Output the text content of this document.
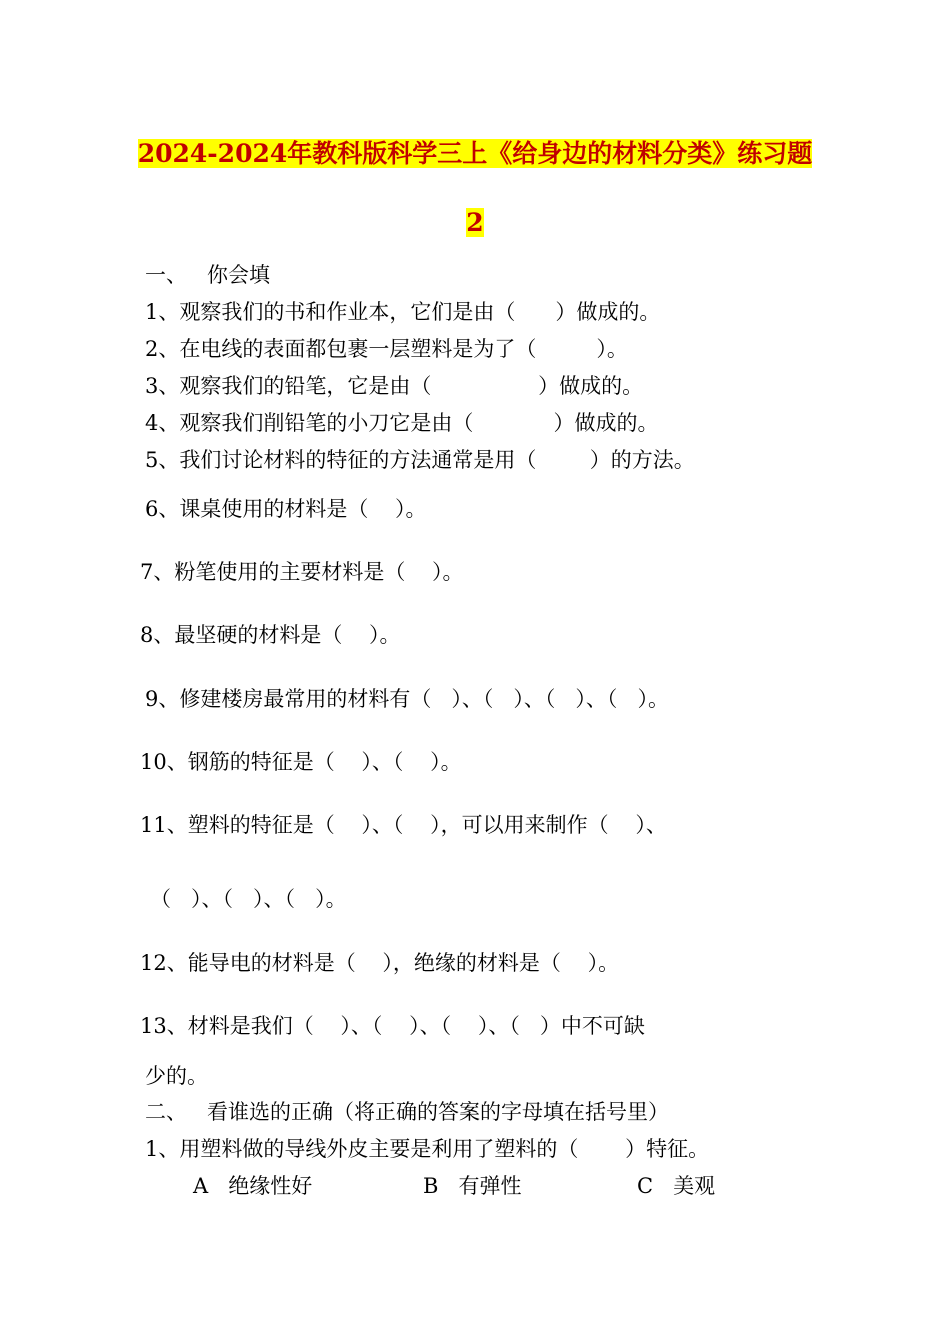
2024-2024年教科版科学三上《给身边的材料分类》练习题
2
一、   你会填
1、观察我们的书和作业本，它们是由（      ）做成的。
2、在电线的表面都包裹一层塑料是为了（         ）。
3、观察我们的铅笔，它是由（                ）做成的。
4、观察我们削铅笔的小刀它是由（            ）做成的。
5、我们讨论材料的特征的方法通常是用（        ）的方法。
6、课桌使用的材料是（    ）。
7、粉笔使用的主要材料是（    ）。
8、最坚硬的材料是（    ）。
9、修建楼房最常用的材料有（   ）、（   ）、（   ）、（   ）。
10、钢筋的特征是（    ）、（    ）。
11、塑料的特征是（    ）、（    ），可以用来制作（    ）、
（   ）、（   ）、（   ）。
12、能导电的材料是（    ），绝缘的材料是（    ）。
13、材料是我们（    ）、（    ）、（    ）、（   ）中不可缺
少的。
二、   看谁选的正确（将正确的答案的字母填在括号里）
1、用塑料做的导线外皮主要是利用了塑料的（       ）特征。
A   绝缘性好	B   有弹性	C   美观
